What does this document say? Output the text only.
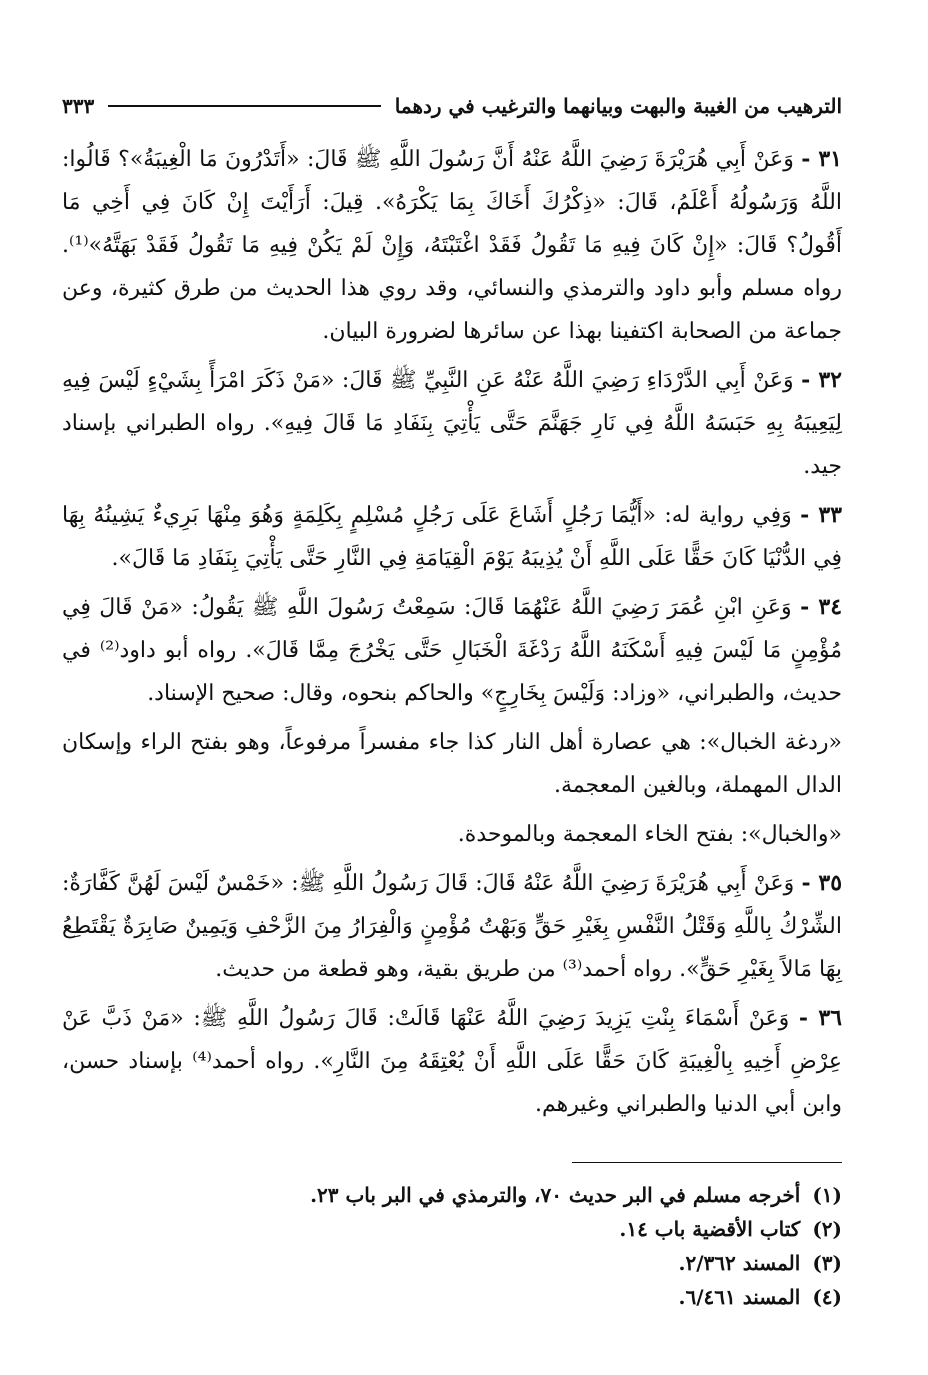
الترهيب من الغيبة والبهت وبيانهما والترغيب في ردهما
٣٣٣

٣١ - وَعَنْ أَبِي هُرَيْرَةَ رَضِيَ اللَّهُ عَنْهُ أَنَّ رَسُولَ اللَّهِ ﷺ قَالَ: «أَتَدْرُونَ مَا الْغِيبَةُ»؟ قَالُوا: اللَّهُ وَرَسُولُهُ أَعْلَمُ، قَالَ: «ذِكْرُكَ أَخَاكَ بِمَا يَكْرَهُ». قِيلَ: أَرَأَيْتَ إِنْ كَانَ فِي أَخِي مَا أَقُولُ؟ قَالَ: «إِنْ كَانَ فِيهِ مَا تَقُولُ فَقَدْ اغْتَبْتَهُ، وَإِنْ لَمْ يَكُنْ فِيهِ مَا تَقُولُ فَقَدْ بَهَتَّهُ»⁽¹⁾. رواه مسلم وأبو داود والترمذي والنسائي، وقد روي هذا الحديث من طرق كثيرة، وعن جماعة من الصحابة اكتفينا بهذا عن سائرها لضرورة البيان.

٣٢ - وَعَنْ أَبِي الدَّرْدَاءِ رَضِيَ اللَّهُ عَنْهُ عَنِ النَّبِيِّ ﷺ قَالَ: «مَنْ ذَكَرَ امْرَأً بِشَيْءٍ لَيْسَ فِيهِ لِيَعِيبَهُ بِهِ حَبَسَهُ اللَّهُ فِي نَارِ جَهَنَّمَ حَتَّى يَأْتِيَ بِنَفَادِ مَا قَالَ فِيهِ». رواه الطبراني بإسناد جيد.

٣٣ - وَفِي رواية له: «أَيُّمَا رَجُلٍ أَشَاعَ عَلَى رَجُلٍ مُسْلِمٍ بِكَلِمَةٍ وَهُوَ مِنْهَا بَرِيءٌ يَشِينُهُ بِهَا فِي الدُّنْيَا كَانَ حَقًّا عَلَى اللَّهِ أَنْ يُذِيبَهُ يَوْمَ الْقِيَامَةِ فِي النَّارِ حَتَّى يَأْتِيَ بِنَفَادِ مَا قَالَ».

٣٤ - وَعَنِ ابْنِ عُمَرَ رَضِيَ اللَّهُ عَنْهُمَا قَالَ: سَمِعْتُ رَسُولَ اللَّهِ ﷺ يَقُولُ: «مَنْ قَالَ فِي مُؤْمِنٍ مَا لَيْسَ فِيهِ أَسْكَنَهُ اللَّهُ رَدْغَةَ الْخَبَالِ حَتَّى يَخْرُجَ مِمَّا قَالَ». رواه أبو داود⁽²⁾ في حديث، والطبراني، «وزاد: وَلَيْسَ بِخَارِجٍ» والحاكم بنحوه، وقال: صحيح الإسناد.

«ردغة الخبال»: هي عصارة أهل النار كذا جاء مفسراً مرفوعاً، وهو بفتح الراء وإسكان الدال المهملة، وبالغين المعجمة.

«والخبال»: بفتح الخاء المعجمة وبالموحدة.

٣٥ - وَعَنْ أَبِي هُرَيْرَةَ رَضِيَ اللَّهُ عَنْهُ قَالَ: قَالَ رَسُولُ اللَّهِ ﷺ: «خَمْسٌ لَيْسَ لَهُنَّ كَفَّارَةٌ: الشِّرْكُ بِاللَّهِ وَقَتْلُ النَّفْسِ بِغَيْرِ حَقٍّ وَبَهْتُ مُؤْمِنٍ وَالْفِرَارُ مِنَ الزَّحْفِ وَيَمِينٌ صَابِرَةٌ يَقْتَطِعُ بِهَا مَالاً بِغَيْرِ حَقٍّ». رواه أحمد⁽³⁾ من طريق بقية، وهو قطعة من حديث.

٣٦ - وَعَنْ أَسْمَاءَ بِنْتِ يَزِيدَ رَضِيَ اللَّهُ عَنْهَا قَالَتْ: قَالَ رَسُولُ اللَّهِ ﷺ: «مَنْ ذَبَّ عَنْ عِرْضِ أَخِيهِ بِالْغِيبَةِ كَانَ حَقًّا عَلَى اللَّهِ أَنْ يُعْتِقَهُ مِنَ النَّارِ». رواه أحمد⁽⁴⁾ بإسناد حسن، وابن أبي الدنيا والطبراني وغيرهم.

(١)أخرجه مسلم في البر حديث ٧٠، والترمذي في البر باب ٢٣.
(٢)كتاب الأقضية باب ١٤.
(٣)المسند ٢/٣٦٢.
(٤)المسند ٦/٤٦١.
